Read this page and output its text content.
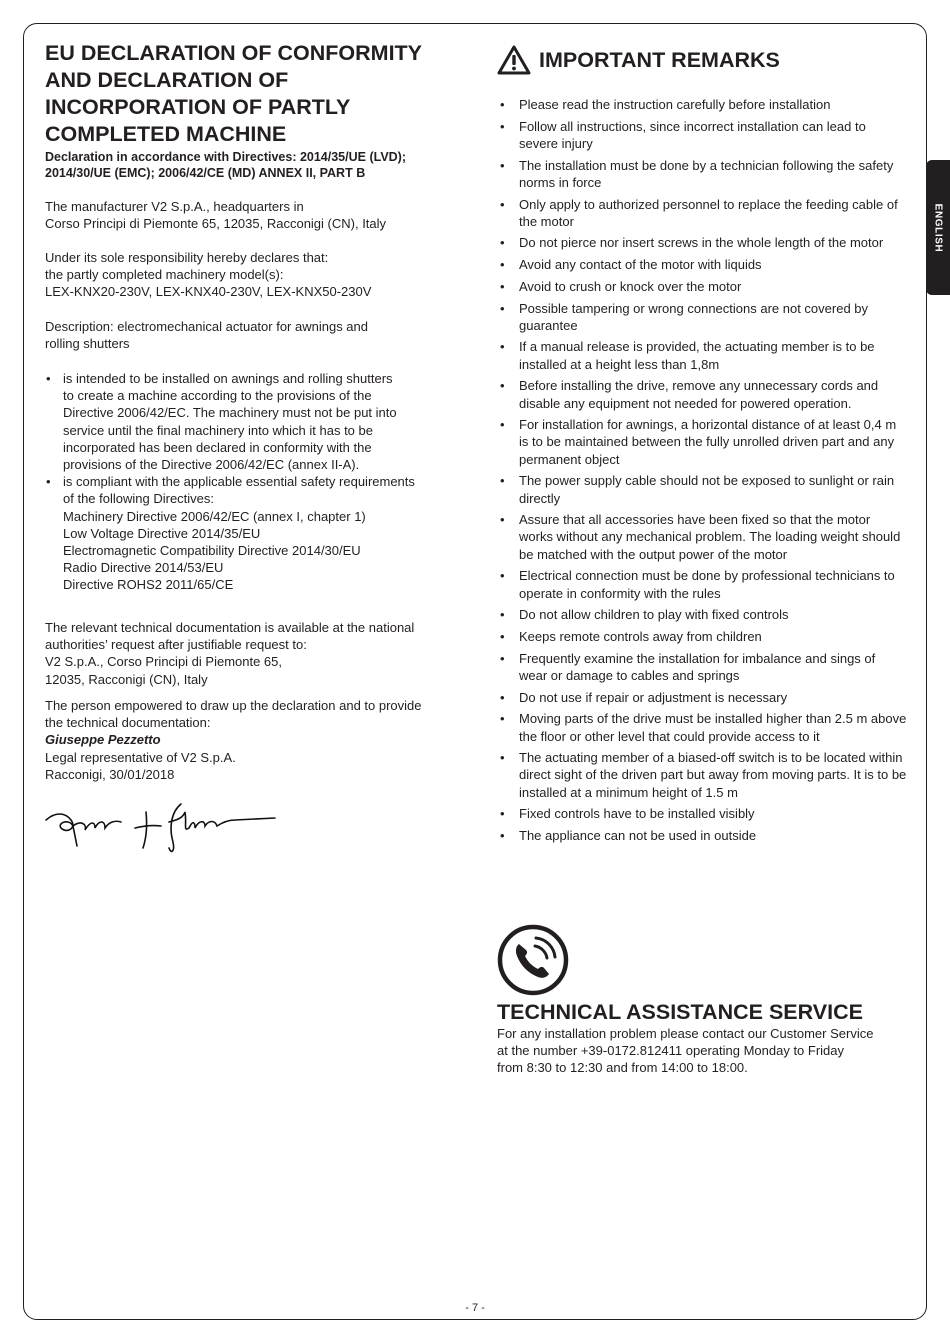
ENGLISH
EU DECLARATION OF CONFORMITY AND DECLARATION OF INCORPORATION OF PARTLY COMPLETED MACHINE
Declaration in accordance with Directives: 2014/35/UE (LVD); 2014/30/UE (EMC); 2006/42/CE (MD) ANNEX II, PART B
The manufacturer V2 S.p.A., headquarters in
Corso Principi di Piemonte 65, 12035, Racconigi (CN), Italy
Under its sole responsibility hereby declares that:
the partly completed machinery model(s):
LEX-KNX20-230V, LEX-KNX40-230V, LEX-KNX50-230V
Description: electromechanical actuator for awnings and
rolling shutters
• is intended to be installed on awnings and rolling shutters
to create a machine according to the provisions of the
Directive 2006/42/EC. The machinery must not be put into
service until the final machinery into which it has to be
incorporated has been declared in conformity with the
provisions of the Directive 2006/42/EC (annex II-A).
• is compliant with the applicable essential safety requirements
of the following Directives:
Machinery Directive 2006/42/EC (annex I, chapter 1)
Low Voltage Directive 2014/35/EU
Electromagnetic Compatibility Directive 2014/30/EU
Radio Directive 2014/53/EU
Directive ROHS2 2011/65/CE
The relevant technical documentation is available at the national
authorities’ request after justifiable request to:
V2 S.p.A., Corso Principi di Piemonte 65,
12035, Racconigi (CN), Italy
The person empowered to draw up the declaration and to provide
the technical documentation:
Giuseppe Pezzetto
Legal representative of V2 S.p.A.
Racconigi, 30/01/2018
IMPORTANT REMARKS
• Please read the instruction carefully before installation
• Follow all instructions, since incorrect installation can lead to severe injury
• The installation must be done by a technician following the safety norms in force
• Only apply to authorized personnel to replace the feeding cable of the motor
• Do not pierce nor insert screws in the whole length of the motor
• Avoid any contact of the motor with liquids
• Avoid to crush or knock over the motor
• Possible tampering or wrong connections are not covered by guarantee
• If a manual release is provided, the actuating member is to be installed at a height less than 1,8m
• Before installing the drive, remove any unnecessary cords and disable any equipment not needed for powered operation.
• For installation for awnings, a horizontal distance of at least 0,4 m is to be maintained between the fully unrolled driven part and any permanent object
• The power supply cable should not be exposed to sunlight or rain directly
• Assure that all accessories have been fixed so that the motor works without any mechanical problem. The loading weight should be matched with the output power of the motor
• Electrical connection must be done by professional technicians to operate in conformity with the rules
• Do not allow children to play with fixed controls
• Keeps remote controls away from children
• Frequently examine the installation for imbalance and sings of wear or damage to cables and springs
• Do not use if repair or adjustment is necessary
• Moving parts of the drive must be installed higher than 2.5 m above the floor or other level that could provide access to it
• The actuating member of a biased-off switch is to be located within direct sight of the driven part but away from moving parts. It is to be installed at a minimum height of 1.5 m
• Fixed controls have to be installed visibly
• The appliance can not be used in outside
TECHNICAL ASSISTANCE SERVICE
For any installation problem please contact our Customer Service
at the number +39-0172.812411 operating Monday to Friday
from 8:30 to 12:30 and from 14:00 to 18:00.
- 7 -
